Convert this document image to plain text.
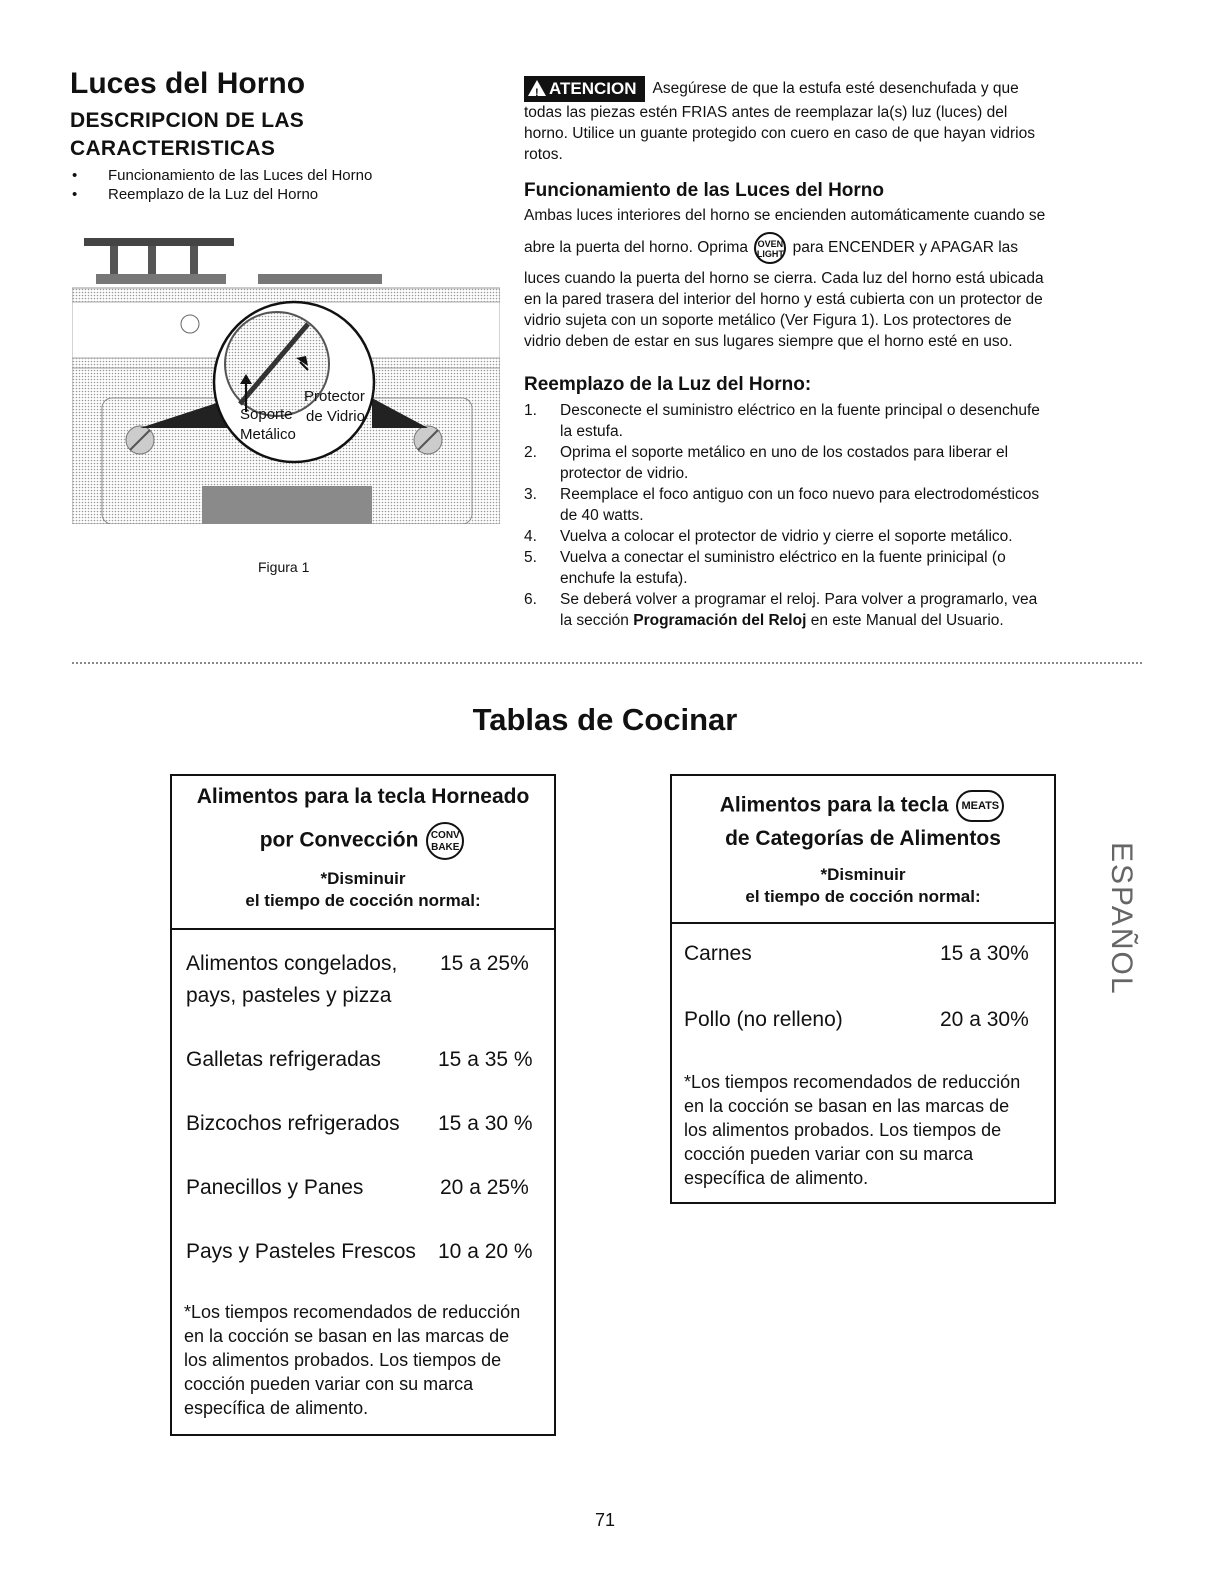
Luces del Horno
DESCRIPCION DE LAS
CARACTERISTICAS
• Funcionamiento de las Luces del Horno
• Reemplazo de la Luz del Horno
Protector
de Vidrio
Soporte
Metálico
Figura 1
!ATENCION Asegúrese de que la estufa esté desenchufada y que
todas las piezas estén FRIAS antes de reemplazar la(s) luz (luces) del
horno. Utilice un guante protegido con cuero en caso de que hayan vidrios
rotos.
Funcionamiento de las Luces del Horno
Ambas luces interiores del horno se encienden automáticamente cuando se
abre la puerta del horno. Oprima OVEN
LIGHT para ENCENDER y APAGAR las
luces cuando la puerta del horno se cierra. Cada luz del horno está ubicada
en la pared trasera del interior del horno y está cubierta con un protector de
vidrio sujeta con un soporte metálico (Ver Figura 1). Los protectores de
vidrio deben de estar en sus lugares siempre que el horno esté en uso.
Reemplazo de la Luz del Horno:
1. Desconecte el suministro eléctrico en la fuente principal o desenchufe
la estufa.
2. Oprima el soporte metálico en uno de los costados para liberar el
protector de vidrio.
3. Reemplace el foco antiguo con un foco nuevo para electrodomésticos
de 40 watts.
4. Vuelva a colocar el protector de vidrio y cierre el soporte metálico.
5. Vuelva a conectar el suministro eléctrico en la fuente prinicipal (o
enchufe la estufa).
6. Se deberá volver a programar el reloj. Para volver a programarlo, vea
la sección Programación del Reloj en este Manual del Usuario.
Tablas de Cocinar
Alimentos para la tecla Horneado
por Convección CONV
BAKE
*Disminuir
el tiempo de cocción normal:
Alimentos congelados,
pays, pasteles y pizza
15 a 25%
Galletas refrigeradas	15 a 35 %
Bizcochos refrigerados 15 a 30 %
Panecillos y Panes	20 a 25%
Pays y Pasteles Frescos 10 a 20 %
*Los tiempos recomendados de reducción
en la cocción se basan en las marcas de
los alimentos probados. Los tiempos de
cocción pueden variar con su marca
específica de alimento.
Alimentos para la tecla MEATS
de Categorías de Alimentos
*Disminuir
el tiempo de cocción normal:
Carnes	15 a 30%
Pollo (no relleno)	20 a 30%
*Los tiempos recomendados de reducción
en la cocción se basan en las marcas de
los alimentos probados. Los tiempos de
cocción pueden variar con su marca
específica de alimento.
ESPAÑOL
71
